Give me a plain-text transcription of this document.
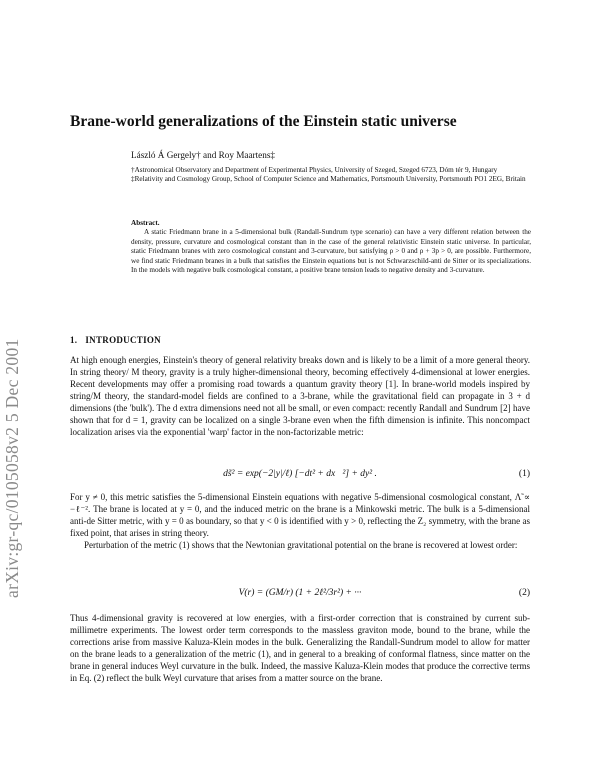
arXiv:gr-qc/0105058v2 5 Dec 2001
Brane-world generalizations of the Einstein static universe
László Á Gergely† and Roy Maartens‡

†Astronomical Observatory and Department of Experimental Physics, University of Szeged, Szeged 6723, Dóm tér 9, Hungary

‡Relativity and Cosmology Group, School of Computer Science and Mathematics, Portsmouth University, Portsmouth PO1 2EG, Britain

Abstract.

A static Friedmann brane in a 5-dimensional bulk (Randall-Sundrum type scenario) can have a very different relation between the density, pressure, curvature and cosmological constant than in the case of the general relativistic Einstein static universe. In particular, static Friedmann branes with zero cosmological constant and 3-curvature, but satisfying ρ > 0 and ρ + 3p > 0, are possible. Furthermore, we find static Friedmann branes in a bulk that satisfies the Einstein equations but is not Schwarzschild-anti de Sitter or its specializations. In the models with negative bulk cosmological constant, a positive brane tension leads to negative density and 3-curvature.

1. INTRODUCTION

At high enough energies, Einstein's theory of general relativity breaks down and is likely to be a limit of a more general theory. In string theory/ M theory, gravity is a truly higher-dimensional theory, becoming effectively 4-dimensional at lower energies. Recent developments may offer a promising road towards a quantum gravity theory [1]. In brane-world models inspired by string/M theory, the standard-model fields are confined to a 3-brane, while the gravitational field can propagate in 3 + d dimensions (the 'bulk'). The d extra dimensions need not all be small, or even compact: recently Randall and Sundrum [2] have shown that for d = 1, gravity can be localized on a single 3-brane even when the fifth dimension is infinite. This noncompact localization arises via the exponential 'warp' factor in the non-factorizable metric:

ds̃² = exp(−2|y|/ℓ) [−dt² + dx⃗²] + dy² .	(1)

For y ≠ 0, this metric satisfies the 5-dimensional Einstein equations with negative 5-dimensional cosmological constant, Λ̃ ∝ −ℓ⁻². The brane is located at y = 0, and the induced metric on the brane is a Minkowski metric. The bulk is a 5-dimensional anti-de Sitter metric, with y = 0 as boundary, so that y < 0 is identified with y > 0, reflecting the Z₂ symmetry, with the brane as fixed point, that arises in string theory.

Perturbation of the metric (1) shows that the Newtonian gravitational potential on the brane is recovered at lowest order:

V(r) = (GM/r) (1 + 2ℓ²/3r²) + ···	(2)

Thus 4-dimensional gravity is recovered at low energies, with a first-order correction that is constrained by current sub-millimetre experiments. The lowest order term corresponds to the massless graviton mode, bound to the brane, while the corrections arise from massive Kaluza-Klein modes in the bulk. Generalizing the Randall-Sundrum model to allow for matter on the brane leads to a generalization of the metric (1), and in general to a breaking of conformal flatness, since matter on the brane in general induces Weyl curvature in the bulk. Indeed, the massive Kaluza-Klein modes that produce the corrective terms in Eq. (2) reflect the bulk Weyl curvature that arises from a matter source on the brane.
